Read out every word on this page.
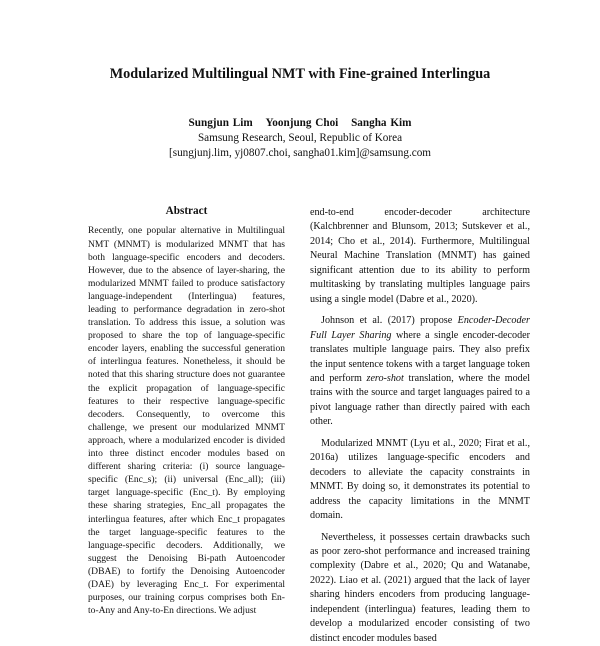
Modularized Multilingual NMT with Fine-grained Interlingua
Sungjun Lim Yoonjung Choi Sangha Kim
Samsung Research, Seoul, Republic of Korea
[sungjunj.lim, yj0807.choi, sangha01.kim]@samsung.com
Abstract

Recently, one popular alternative in Multilingual NMT (MNMT) is modularized MNMT that has both language-specific encoders and decoders. However, due to the absence of layer-sharing, the modularized MNMT failed to produce satisfactory language-independent (Interlingua) features, leading to performance degradation in zero-shot translation. To address this issue, a solution was proposed to share the top of language-specific encoder layers, enabling the successful generation of interlingua features. Nonetheless, it should be noted that this sharing structure does not guarantee the explicit propagation of language-specific features to their respective language-specific decoders. Consequently, to overcome this challenge, we present our modularized MNMT approach, where a modularized encoder is divided into three distinct encoder modules based on different sharing criteria: (i) source language-specific (Enc_s); (ii) universal (Enc_all); (iii) target language-specific (Enc_t). By employing these sharing strategies, Enc_all propagates the interlingua features, after which Enc_t propagates the target language-specific features to the language-specific decoders. Additionally, we suggest the Denoising Bi-path Autoencoder (DBAE) to fortify the Denoising Autoencoder (DAE) by leveraging Enc_t. For experimental purposes, our training corpus comprises both En-to-Any and Any-to-En directions. We adjust

end-to-end encoder-decoder architecture (Kalchbrenner and Blunsom, 2013; Sutskever et al., 2014; Cho et al., 2014). Furthermore, Multilingual Neural Machine Translation (MNMT) has gained significant attention due to its ability to perform multitasking by translating multiples language pairs using a single model (Dabre et al., 2020).

Johnson et al. (2017) propose Encoder-Decoder Full Layer Sharing where a single encoder-decoder translates multiple language pairs. They also prefix the input sentence tokens with a target language token and perform zero-shot translation, where the model trains with the source and target languages paired to a pivot language rather than directly paired with each other.

Modularized MNMT (Lyu et al., 2020; Firat et al., 2016a) utilizes language-specific encoders and decoders to alleviate the capacity constraints in MNMT. By doing so, it demonstrates its potential to address the capacity limitations in the MNMT domain.

Nevertheless, it possesses certain drawbacks such as poor zero-shot performance and increased training complexity (Dabre et al., 2020; Qu and Watanabe, 2022). Liao et al. (2021) argued that the lack of layer sharing hinders encoders from producing language-independent (interlingua) features, leading them to develop a modularized encoder consisting of two distinct encoder modules based
